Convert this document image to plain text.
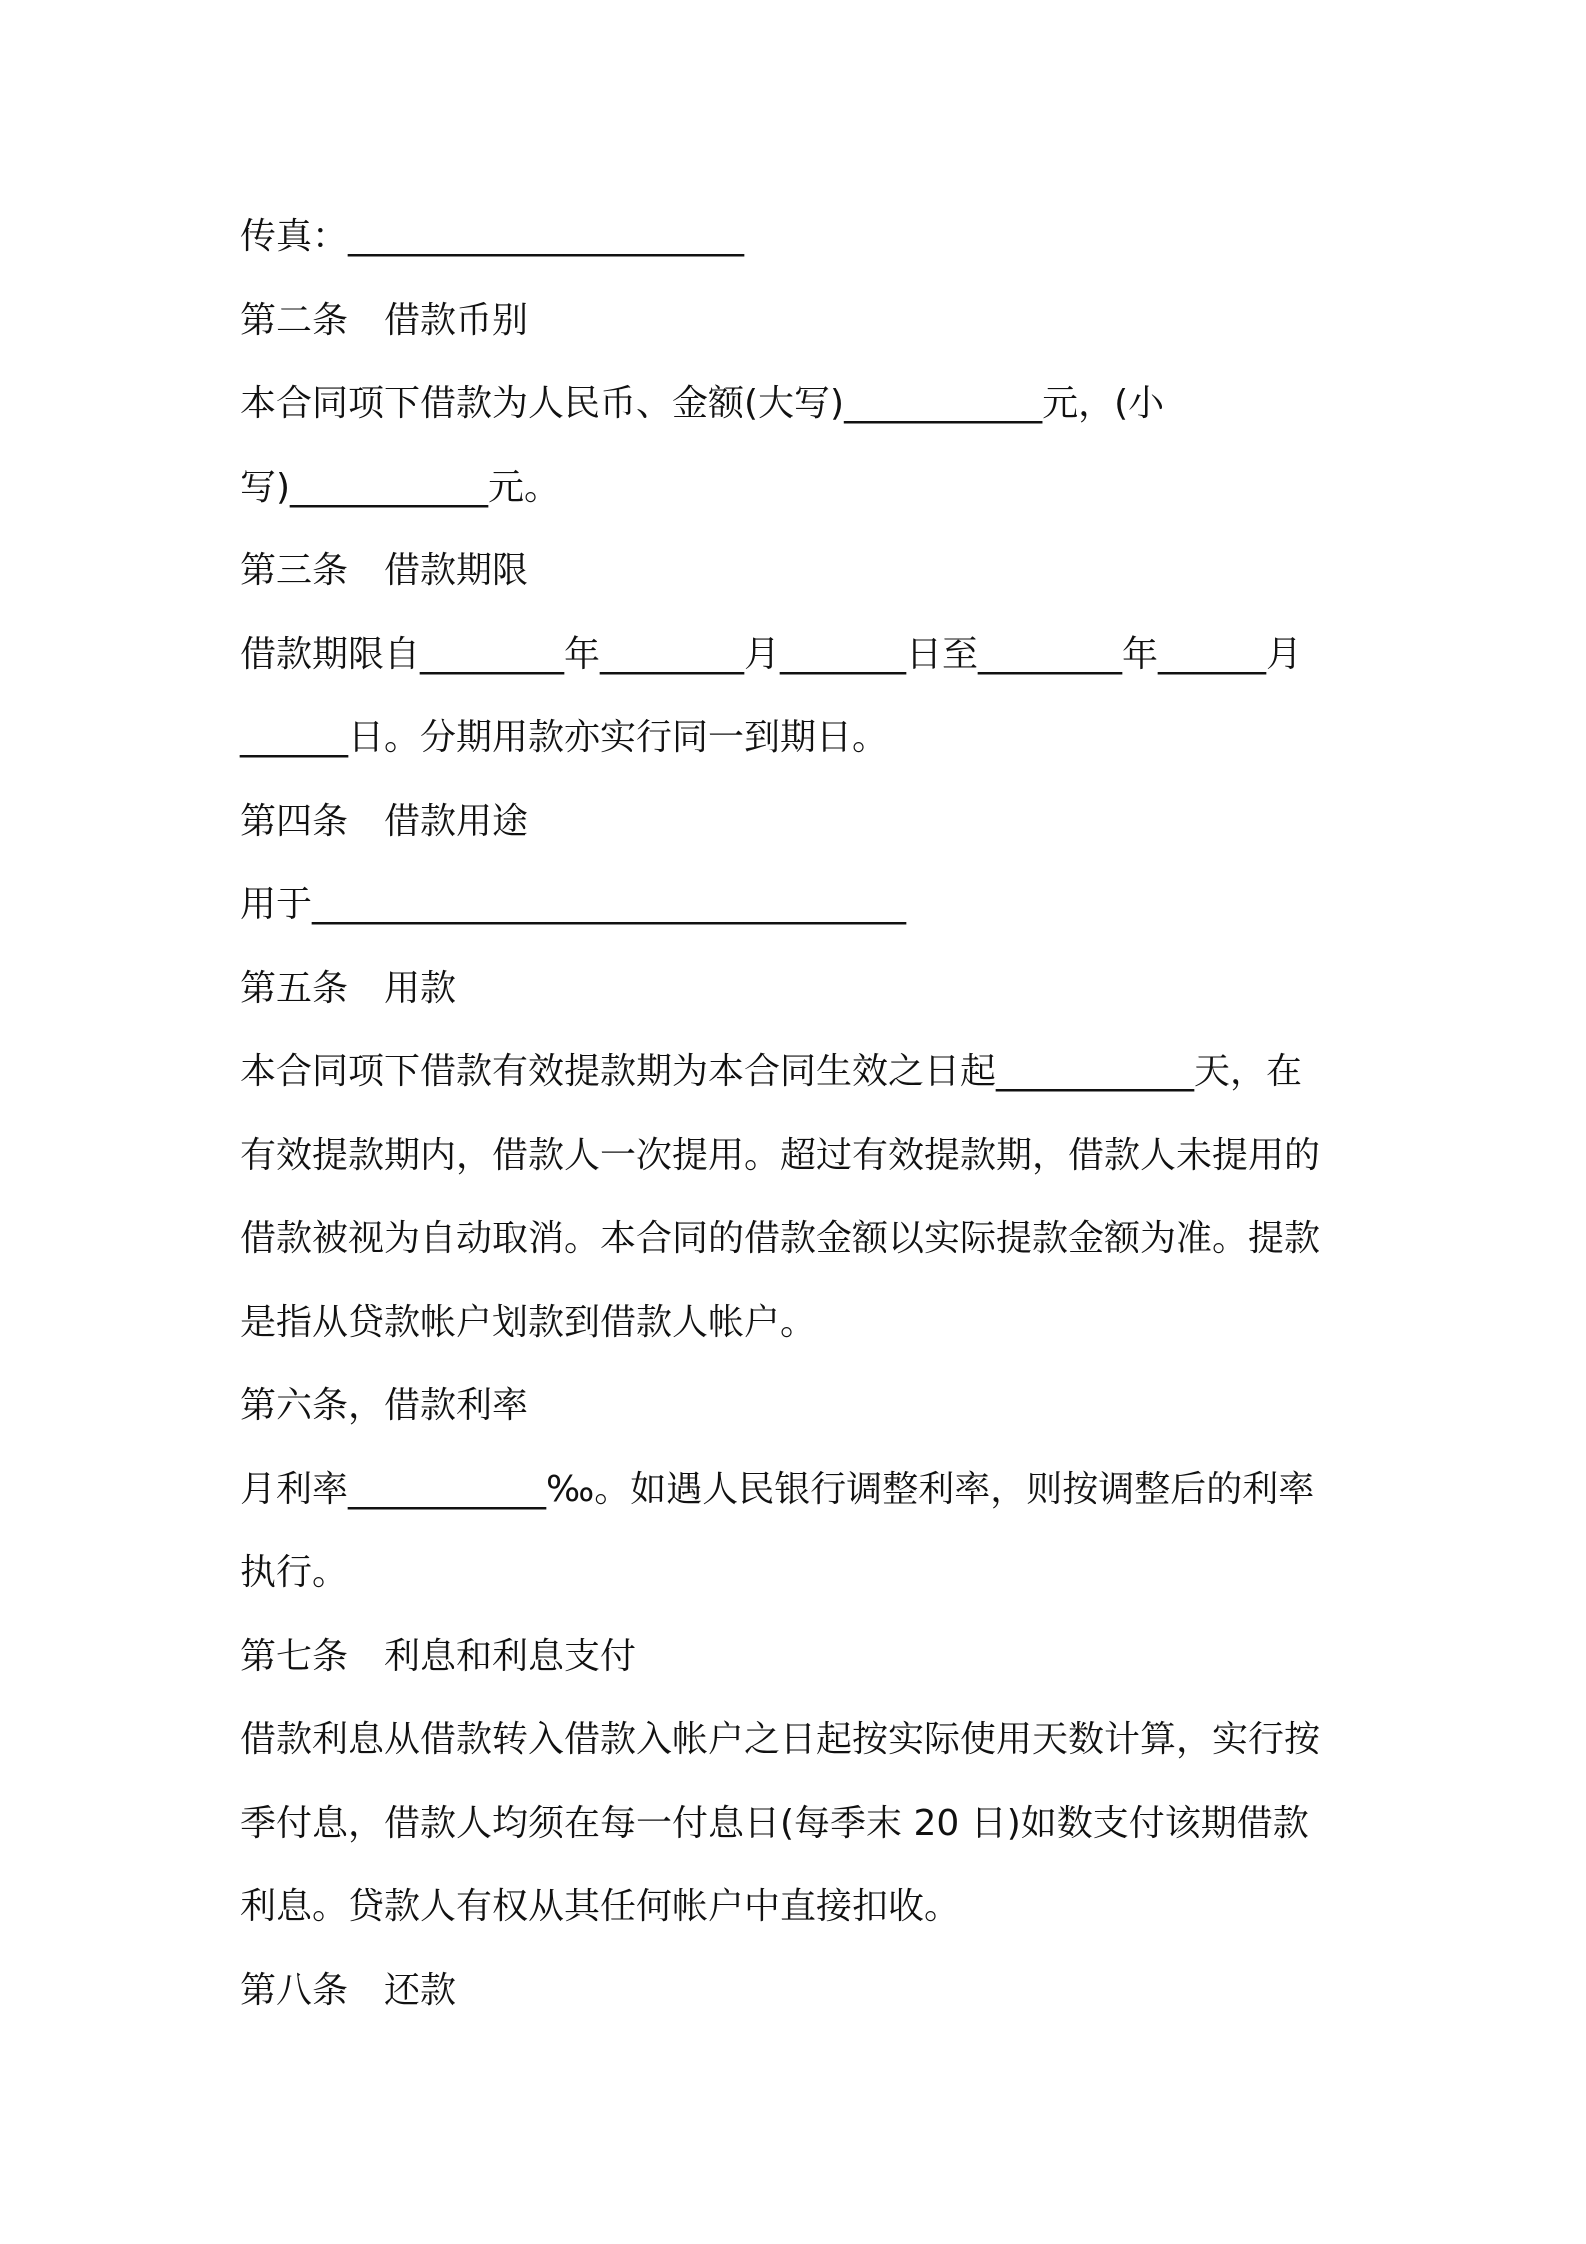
传真：______________________
第二条　借款币别
本合同项下借款为人民币、金额(大写)___________元，(小
写)___________元。
第三条　借款期限
借款期限自________年________月_______日至________年______月
______日。分期用款亦实行同一到期日。
第四条　借款用途
用于_________________________________
第五条　用款
本合同项下借款有效提款期为本合同生效之日起___________天，在
有效提款期内，借款人一次提用。超过有效提款期，借款人未提用的
借款被视为自动取消。本合同的借款金额以实际提款金额为准。提款
是指从贷款帐户划款到借款人帐户。
第六条，借款利率
月利率___________‰。如遇人民银行调整利率，则按调整后的利率
执行。
第七条　利息和利息支付
借款利息从借款转入借款入帐户之日起按实际使用天数计算，实行按
季付息，借款人均须在每一付息日(每季末 20 日)如数支付该期借款
利息。贷款人有权从其任何帐户中直接扣收。
第八条　还款
